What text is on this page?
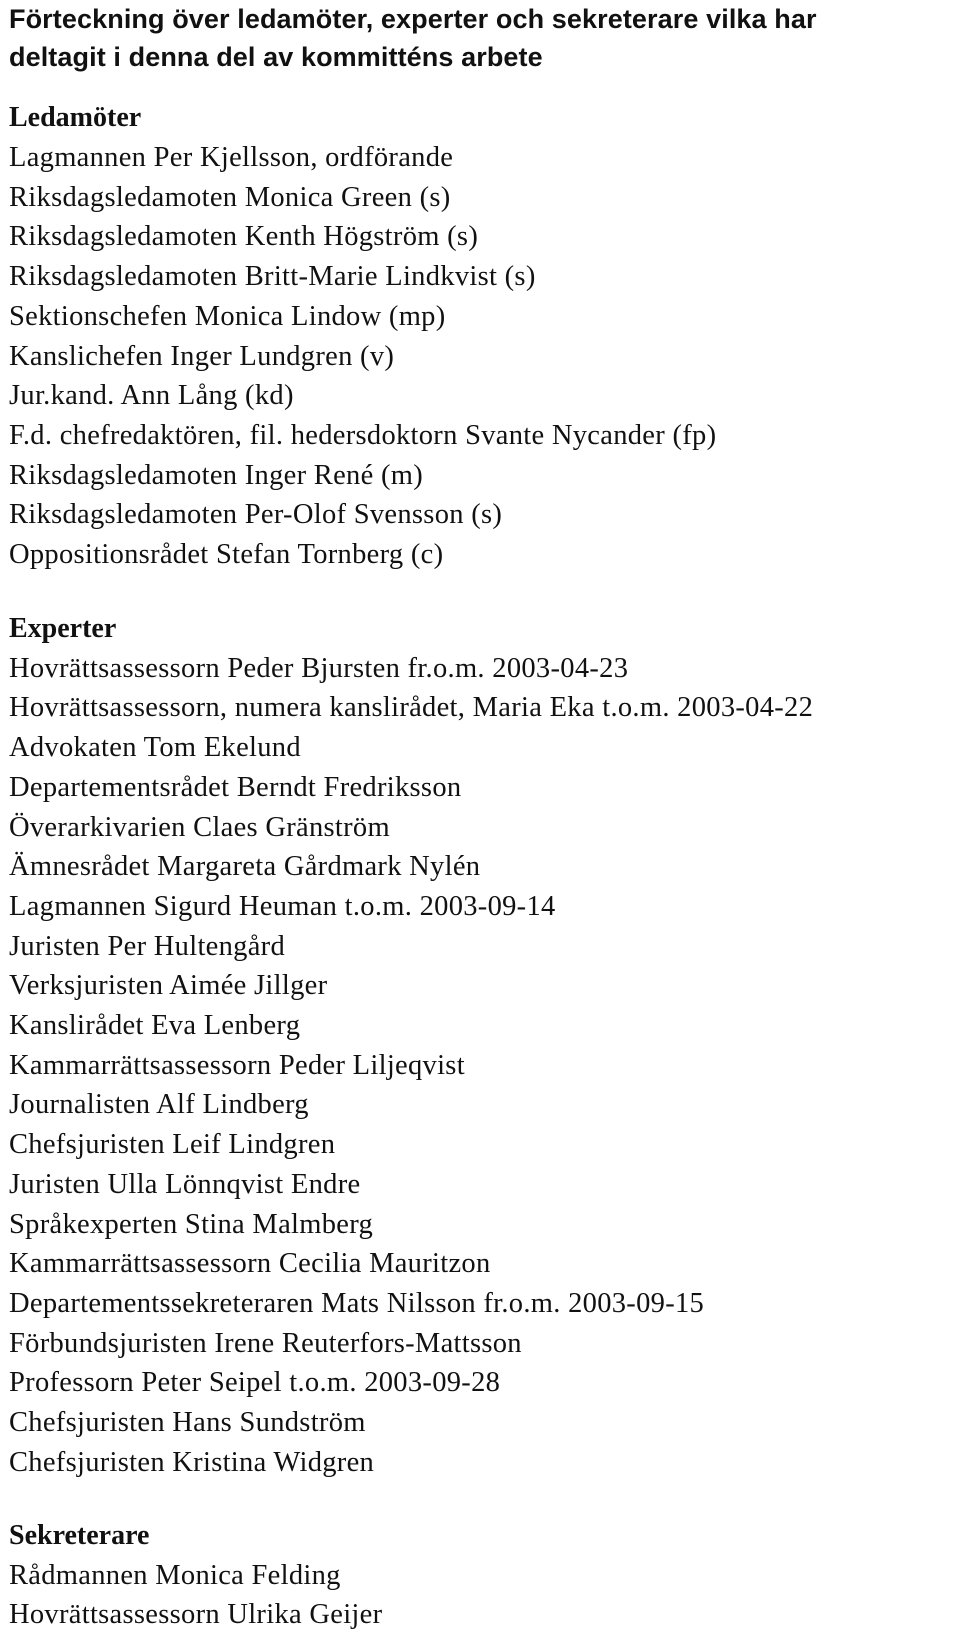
Förteckning över ledamöter, experter och sekreterare vilka har
deltagit i denna del av kommitténs arbete
Ledamöter
Lagmannen Per Kjellsson, ordförande
Riksdagsledamoten Monica Green (s)
Riksdagsledamoten Kenth Högström (s)
Riksdagsledamoten Britt-Marie Lindkvist (s)
Sektionschefen Monica Lindow (mp)
Kanslichefen Inger Lundgren (v)
Jur.kand. Ann Lång (kd)
F.d. chefredaktören, fil. hedersdoktorn Svante Nycander (fp)
Riksdagsledamoten Inger René (m)
Riksdagsledamoten Per-Olof Svensson (s)
Oppositionsrådet Stefan Tornberg (c)
Experter
Hovrättsassessorn Peder Bjursten fr.o.m. 2003-04-23
Hovrättsassessorn, numera kanslirådet, Maria Eka t.o.m. 2003-04-22
Advokaten Tom Ekelund
Departementsrådet Berndt Fredriksson
Överarkivarien Claes Gränström
Ämnesrådet Margareta Gårdmark Nylén
Lagmannen Sigurd Heuman t.o.m. 2003-09-14
Juristen Per Hultengård
Verksjuristen Aimée Jillger
Kanslirådet Eva Lenberg
Kammarrättsassessorn Peder Liljeqvist
Journalisten Alf Lindberg
Chefsjuristen Leif Lindgren
Juristen Ulla Lönnqvist Endre
Språkexperten Stina Malmberg
Kammarrättsassessorn Cecilia Mauritzon
Departementssekreteraren Mats Nilsson fr.o.m. 2003-09-15
Förbundsjuristen Irene Reuterfors-Mattsson
Professorn Peter Seipel t.o.m. 2003-09-28
Chefsjuristen Hans Sundström
Chefsjuristen Kristina Widgren
Sekreterare
Rådmannen Monica Felding
Hovrättsassessorn Ulrika Geijer
